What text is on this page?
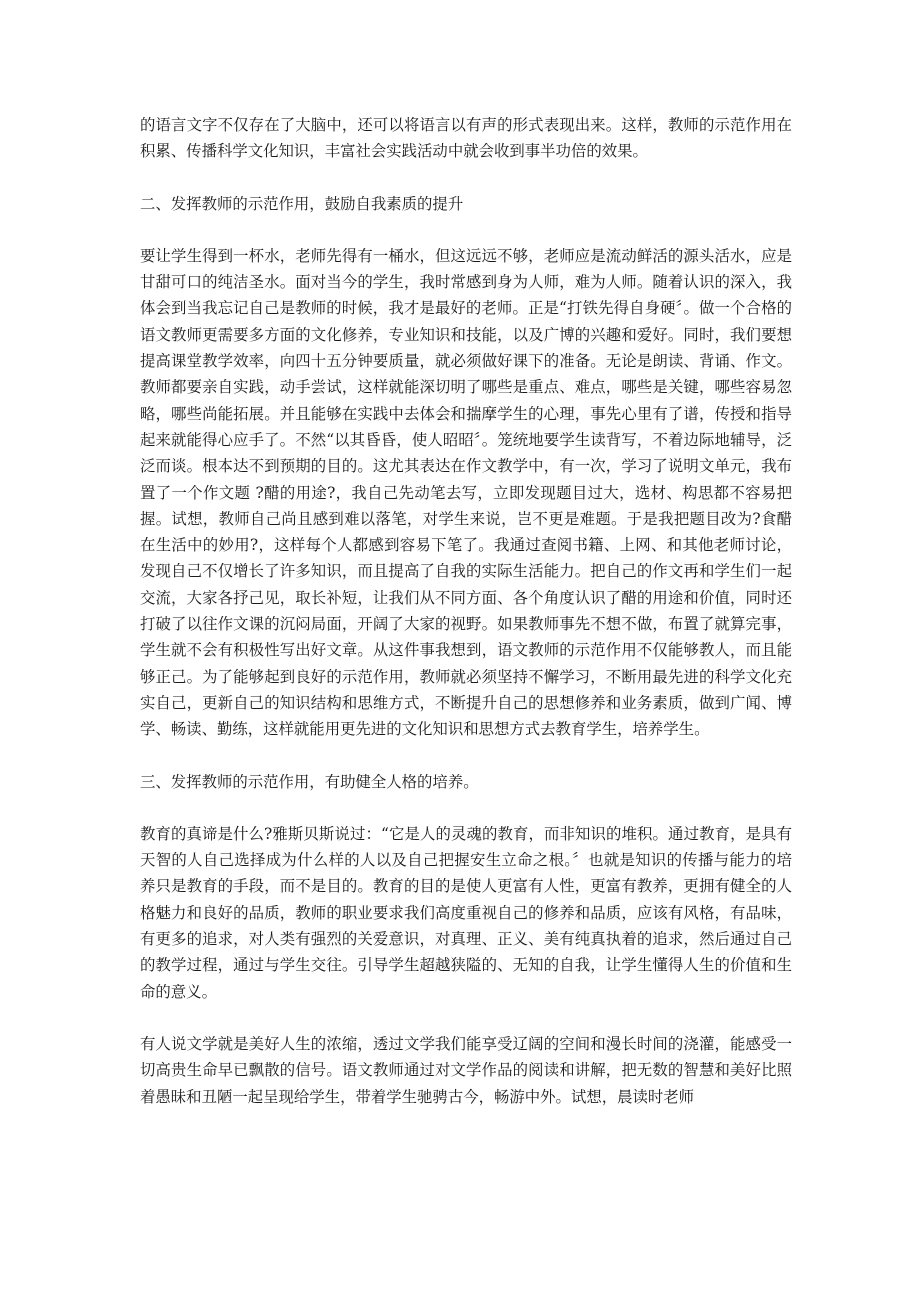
的语言文字不仅存在了大脑中，还可以将语言以有声的形式表现出来。这样，教师的示范作用在积累、传播科学文化知识，丰富社会实践活动中就会收到事半功倍的效果。

二、发挥教师的示范作用，鼓励自我素质的提升

要让学生得到一杯水，老师先得有一桶水，但这远远不够，老师应是流动鲜活的源头活水，应是甘甜可口的纯洁圣水。面对当今的学生，我时常感到身为人师，难为人师。随着认识的深入，我体会到当我忘记自己是教师的时候，我才是最好的老师。正是“打铁先得自身硬〞。做一个合格的语文教师更需要多方面的文化修养，专业知识和技能，以及广博的兴趣和爱好。同时，我们要想提高课堂教学效率，向四十五分钟要质量，就必须做好课下的准备。无论是朗读、背诵、作文。教师都要亲自实践，动手尝试，这样就能深切明了哪些是重点、难点，哪些是关键，哪些容易忽略，哪些尚能拓展。并且能够在实践中去体会和揣摩学生的心理，事先心里有了谱，传授和指导起来就能得心应手了。不然“以其昏昏，使人昭昭〞。笼统地要学生读背写，不着边际地辅导，泛泛而谈。根本达不到预期的目的。这尤其表达在作文教学中，有一次，学习了说明文单元，我布置了一个作文题 ?醋的用途?，我自己先动笔去写，立即发现题目过大，选材、构思都不容易把握。试想，教师自己尚且感到难以落笔，对学生来说，岂不更是难题。于是我把题目改为?食醋在生活中的妙用?，这样每个人都感到容易下笔了。我通过查阅书籍、上网、和其他老师讨论，发现自己不仅增长了许多知识，而且提高了自我的实际生活能力。把自己的作文再和学生们一起交流，大家各抒己见，取长补短，让我们从不同方面、各个角度认识了醋的用途和价值，同时还打破了以往作文课的沉闷局面，开阔了大家的视野。如果教师事先不想不做，布置了就算完事，学生就不会有积极性写出好文章。从这件事我想到，语文教师的示范作用不仅能够教人，而且能够正己。为了能够起到良好的示范作用，教师就必须坚持不懈学习，不断用最先进的科学文化充实自己，更新自己的知识结构和思维方式，不断提升自己的思想修养和业务素质，做到广闻、博学、畅读、勤练，这样就能用更先进的文化知识和思想方式去教育学生，培养学生。

三、发挥教师的示范作用，有助健全人格的培养。

教育的真谛是什么?雅斯贝斯说过：“它是人的灵魂的教育，而非知识的堆积。通过教育，是具有天智的人自己选择成为什么样的人以及自己把握安生立命之根。〞也就是知识的传播与能力的培养只是教育的手段，而不是目的。教育的目的是使人更富有人性，更富有教养，更拥有健全的人格魅力和良好的品质，教师的职业要求我们高度重视自己的修养和品质，应该有风格，有品味，有更多的追求，对人类有强烈的关爱意识，对真理、正义、美有纯真执着的追求，然后通过自己的教学过程，通过与学生交往。引导学生超越狭隘的、无知的自我，让学生懂得人生的价值和生命的意义。

有人说文学就是美好人生的浓缩，透过文学我们能享受辽阔的空间和漫长时间的浇灌，能感受一切高贵生命早已飘散的信号。语文教师通过对文学作品的阅读和讲解，把无数的智慧和美好比照着愚昧和丑陋一起呈现给学生，带着学生驰骋古今，畅游中外。试想，晨读时老师
